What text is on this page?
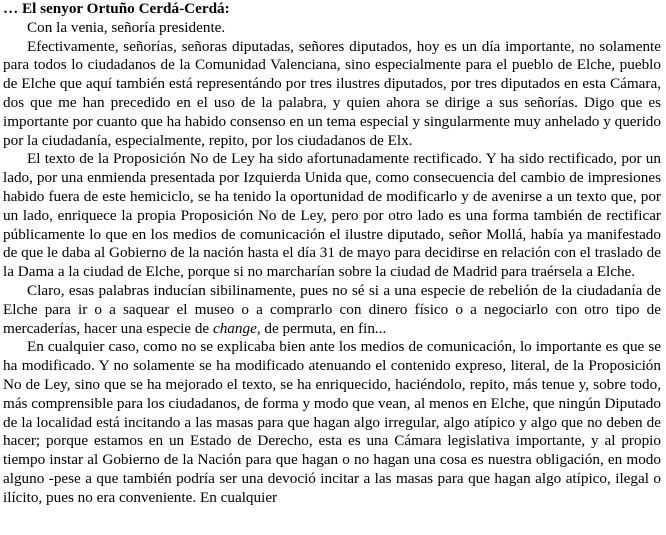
… El senyor Ortuño Cerdá-Cerdá:

Con la venia, señoría presidente.

Efectivamente, señorías, señoras diputadas, señores diputados, hoy es un día importante, no solamente para todos lo ciudadanos de la Comunidad Valenciana, sino especialmente para el pueblo de Elche, pueblo de Elche que aquí también está representándo por tres ilustres diputados, por tres diputados en esta Cámara, dos que me han precedido en el uso de la palabra, y quien ahora se dirige a sus señorías. Digo que es importante por cuanto que ha habido consenso en un tema especial y singularmente muy anhelado y querido por la ciudadanía, especialmente, repito, por los ciudadanos de Elx.

El texto de la Proposición No de Ley ha sido afortunadamente rectificado. Y ha sido rectificado, por un lado, por una enmienda presentada por Izquierda Unida que, como consecuencia del cambio de impresiones habido fuera de este hemiciclo, se ha tenido la oportunidad de modificarlo y de avenirse a un texto que, por un lado, enriquece la propia Proposición No de Ley, pero por otro lado es una forma también de rectificar públicamente lo que en los medios de comunicación el ilustre diputado, señor Mollá, había ya manifestado de que le daba al Gobierno de la nación hasta el día 31 de mayo para decidirse en relación con el traslado de la Dama a la ciudad de Elche, porque si no marcharían sobre la ciudad de Madrid para traérsela a Elche.

Claro, esas palabras inducían sibilinamente, pues no sé si a una especie de rebelión de la ciudadanía de Elche para ir o a saquear el museo o a comprarlo con dinero físico o a negociarlo con otro tipo de mercaderías, hacer una especie de change, de permuta, en fin...

En cualquier caso, como no se explicaba bien ante los medios de comunicación, lo importante es que se ha modificado. Y no solamente se ha modificado atenuando el contenido expreso, literal, de la Proposición No de Ley, sino que se ha mejorado el texto, se ha enriquecido, haciéndolo, repito, más tenue y, sobre todo, más comprensible para los ciudadanos, de forma y modo que vean, al menos en Elche, que ningún Diputado de la localidad está incitando a las masas para que hagan algo irregular, algo atípico y algo que no deben de hacer; porque estamos en un Estado de Derecho, esta es una Cámara legislativa importante, y al propio tiempo instar al Gobierno de la Nación para que hagan o no hagan una cosa es nuestra obligación, en modo alguno -pese a que también podría ser una devoció incitar a las masas para que hagan algo atípico, ilegal o ilícito, pues no era conveniente. En cualquier
